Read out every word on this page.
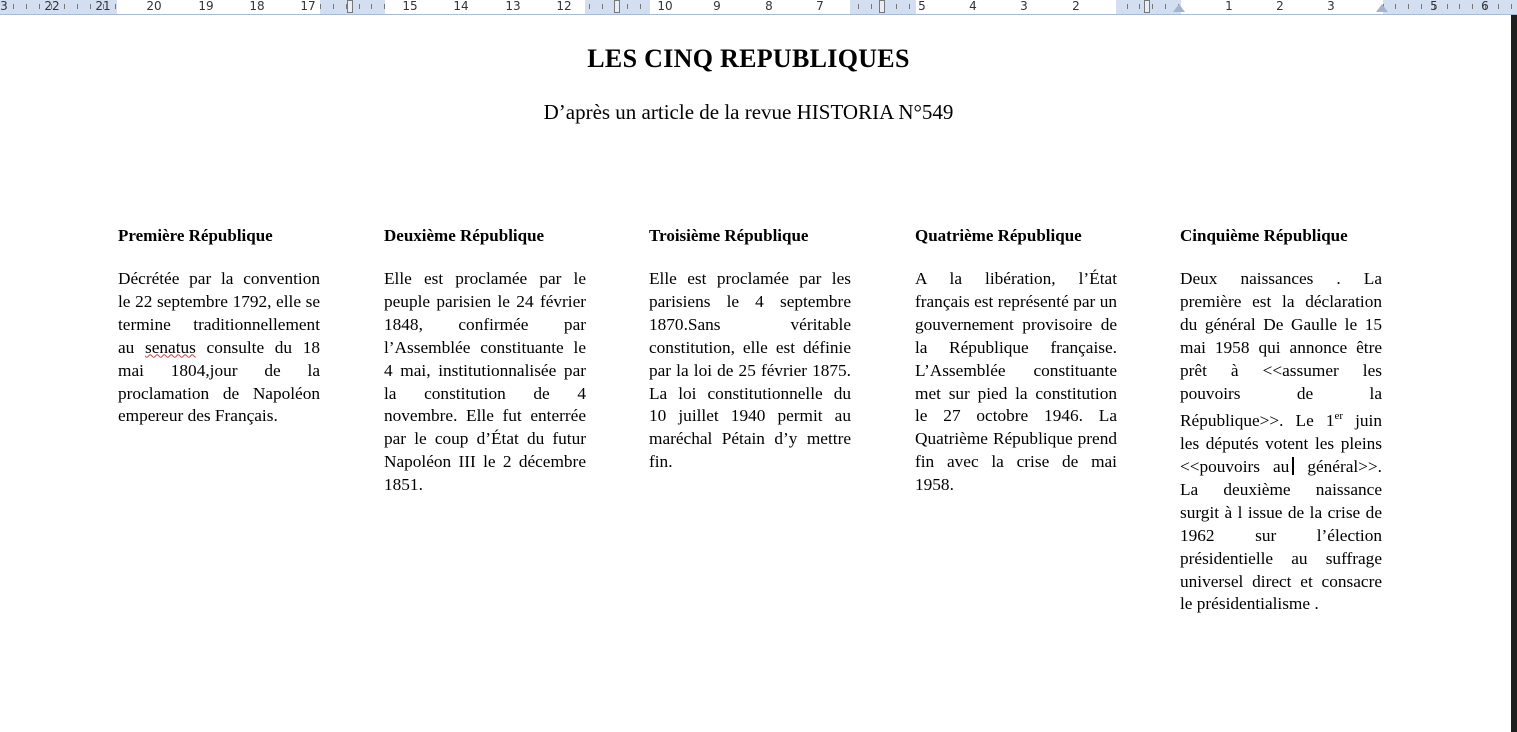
3	22	21	20	19	18	17	15	14	13	12	10	9	8	7	5	4	3	2	1	2	3	5	6
LES CINQ REPUBLIQUES
D’après un article de la revue HISTORIA N°549
Première République

Décrétée par la convention le 22 septembre 1792, elle se termine traditionnellement au senatus consulte du 18 mai 1804,jour de la proclamation de Napoléon empereur des Français.

Deuxième République

Elle est proclamée par le peuple parisien le 24 février 1848, confirmée par l’Assemblée constituante le 4 mai, institutionnalisée par la constitution de 4 novembre. Elle fut enterrée par le coup d’État du futur Napoléon III le 2 décembre 1851.

Troisième République

Elle est proclamée par les parisiens le 4 septembre 1870.Sans véritable constitution, elle est définie par la loi de 25 février 1875. La loi constitutionnelle du 10 juillet 1940 permit au maréchal Pétain d’y mettre fin.

Quatrième République

A la libération, l’État français est représenté par un gouvernement provisoire de la République française. L’Assemblée constituante met sur pied la constitution le 27 octobre 1946. La Quatrième République prend fin avec la crise de mai 1958.

Cinquième République

Deux naissances . La première est la déclaration du général De Gaulle le 15 mai 1958 qui annonce être prêt à <<assumer les pouvoirs de la République>>. Le 1er juin les députés votent les pleins <<pouvoirs au général>>. La deuxième naissance surgit à l issue de la crise de 1962 sur l’élection présidentielle au suffrage universel direct et consacre le présidentialisme .
